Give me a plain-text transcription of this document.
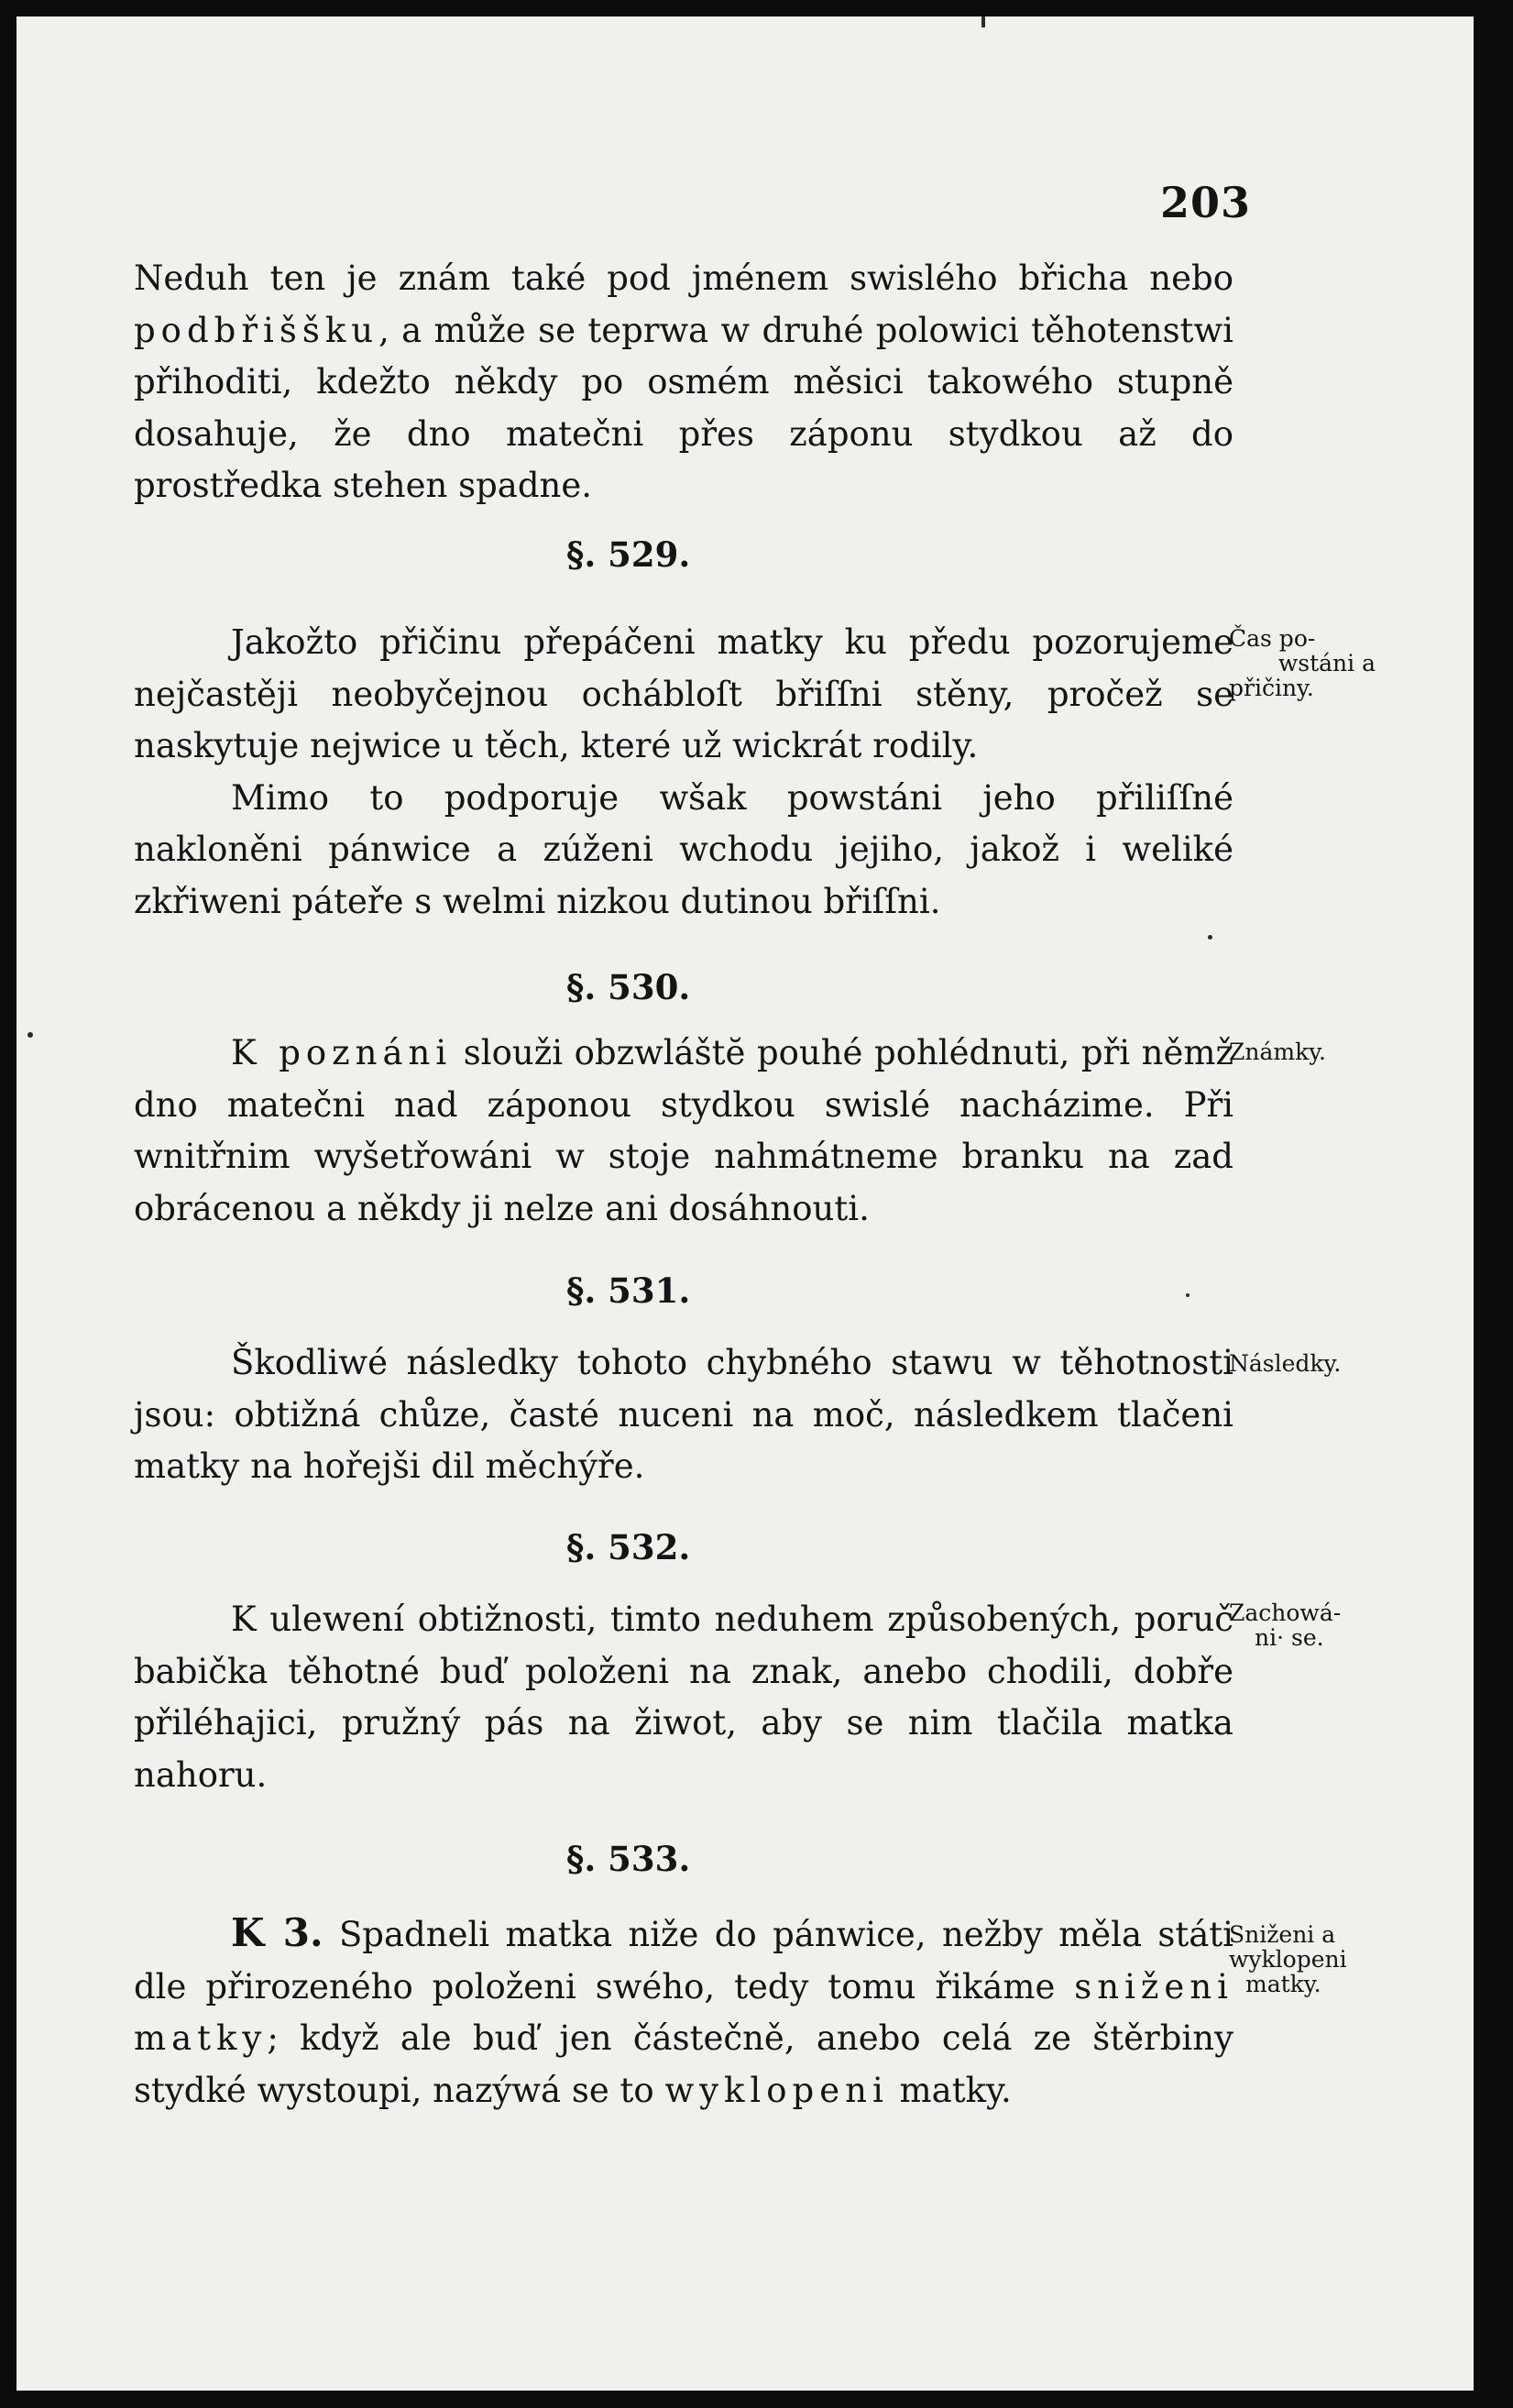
203

Neduh ten je znám také pod jménem swislého břicha nebo podbřiššku, a může se teprwa w druhé polowici těhotenstwi přihoditi, kdežto někdy po osmém měsici takowého stupně dosahuje, že dno matečni přes záponu stydkou až do prostředka stehen spadne.

§. 529.

Jakožto přičinu přepáčeni matky ku předu pozorujeme nejčastěji neobyčejnou ochábloſt břiſſni stěny, pročež se naskytuje nejwice u těch, které už wickrát rodily.

Mimo to podporuje wšak powstáni jeho přiliſſné nakloněni pánwice a zúženi wchodu jejiho, jakož i weliké zkřiweni páteře s welmi nizkou dutinou břiſſni.

Čas po-
wstáni a
přičiny.
§. 530.

K poznáni slouži obzwláštĕ pouhé pohlédnuti, při němž dno matečni nad záponou stydkou swislé nacházime. Při wnitřnim wyšetřowáni w stoje nahmátneme branku na zad obrácenou a někdy ji nelze ani dosáhnouti.

Známky.
§. 531.

Škodliwé následky tohoto chybného stawu w těhotnosti jsou: obtižná chůze, časté nuceni na moč, následkem tlačeni matky na hořejši dil měchýře.

Následky.
§. 532.

K ulewení obtižnosti, timto neduhem způsobených, poruč babička těhotné buď položeni na znak, anebo chodili, dobře přiléhajici, pružný pás na žiwot, aby se nim tlačila matka nahoru.

Zachowá-
ni· se.
§. 533.

K 3. Spadneli matka niže do pánwice, nežby měla státi dle přirozeného položeni swého, tedy tomu řikáme sniženi matky; když ale buď jen částečně, anebo celá ze štěrbiny stydké wystoupi, nazýwá se to wyklopeni matky.

Sniženi a
wyklopeni
matky.
